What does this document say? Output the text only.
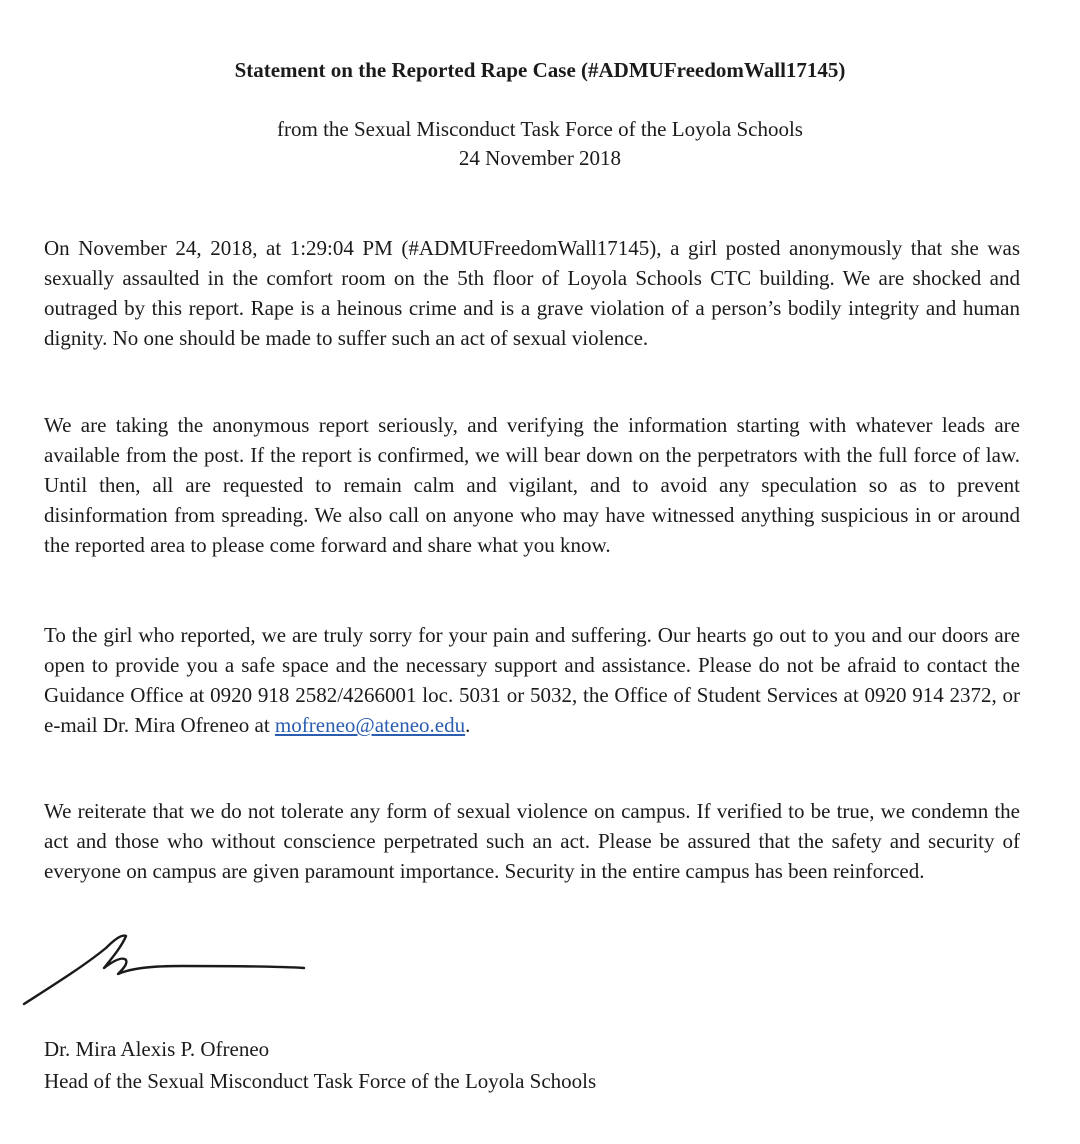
Statement on the Reported Rape Case (#ADMUFreedomWall17145)

from the Sexual Misconduct Task Force of the Loyola Schools

24 November 2018

On November 24, 2018, at 1:29:04 PM (#ADMUFreedomWall17145), a girl posted anonymously that she was sexually assaulted in the comfort room on the 5th floor of Loyola Schools CTC building. We are shocked and outraged by this report. Rape is a heinous crime and is a grave violation of a person’s bodily integrity and human dignity. No one should be made to suffer such an act of sexual violence.

We are taking the anonymous report seriously, and verifying the information starting with whatever leads are available from the post. If the report is confirmed, we will bear down on the perpetrators with the full force of law. Until then, all are requested to remain calm and vigilant, and to avoid any speculation so as to prevent disinformation from spreading. We also call on anyone who may have witnessed anything suspicious in or around the reported area to please come forward and share what you know.

To the girl who reported, we are truly sorry for your pain and suffering. Our hearts go out to you and our doors are open to provide you a safe space and the necessary support and assistance. Please do not be afraid to contact the Guidance Office at 0920 918 2582/4266001 loc. 5031 or 5032, the Office of Student Services at 0920 914 2372, or e-mail Dr. Mira Ofreneo at mofreneo@ateneo.edu.

We reiterate that we do not tolerate any form of sexual violence on campus. If verified to be true, we condemn the act and those who without conscience perpetrated such an act. Please be assured that the safety and security of everyone on campus are given paramount importance. Security in the entire campus has been reinforced.

Dr. Mira Alexis P. Ofreneo

Head of the Sexual Misconduct Task Force of the Loyola Schools
